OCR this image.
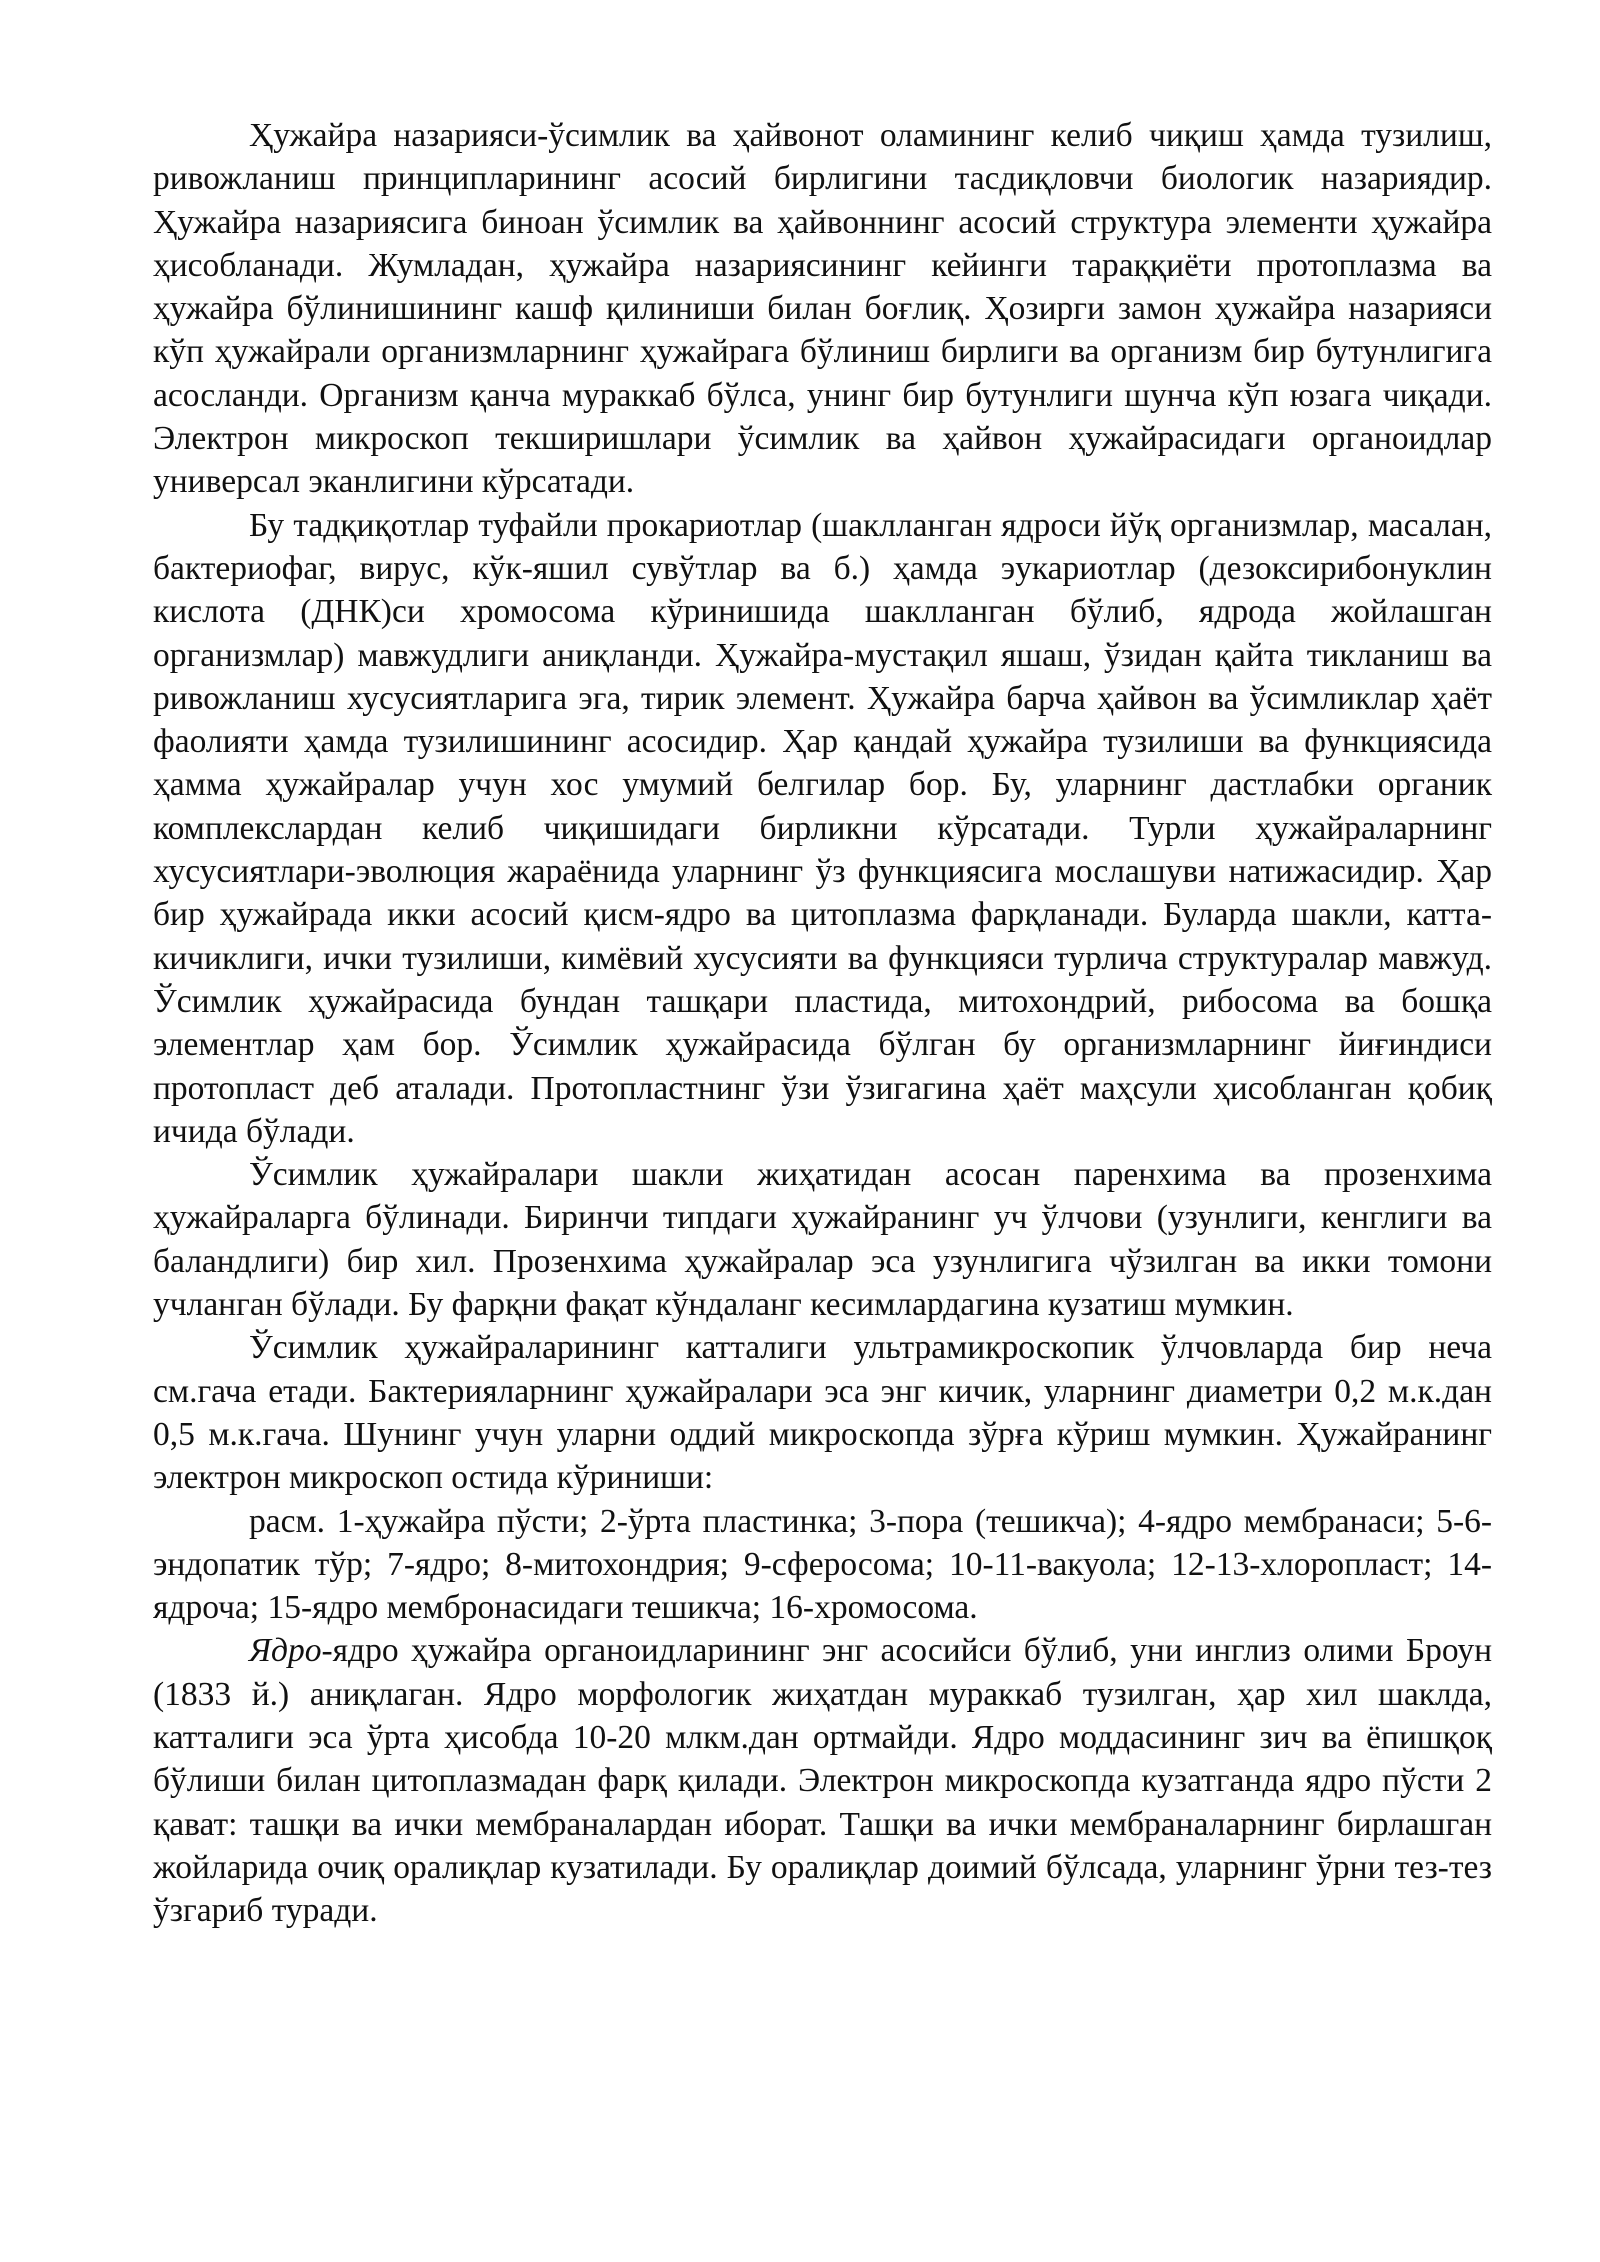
Ҳужайра назарияси-ўсимлик ва ҳайвонот оламининг келиб чиқиш ҳамда тузилиш, ривожланиш принципларининг асосий бирлигини тасдиқловчи биологик назариядир. Ҳужайра назариясига биноан ўсимлик ва ҳайвоннинг асосий структура элементи ҳужайра ҳисобланади. Жумладан, ҳужайра назариясининг кейинги тараққиёти протоплазма ва ҳужайра бўлинишининг кашф қилиниши билан боғлиқ. Ҳозирги замон ҳужайра назарияси кўп ҳужайрали организмларнинг ҳужайрага бўлиниш бирлиги ва организм бир бутунлигига асосланди. Организм қанча мураккаб бўлса, унинг бир бутунлиги шунча кўп юзага чиқади. Электрон микроскоп текширишлари ўсимлик ва ҳайвон ҳужайрасидаги органоидлар универсал эканлигини кўрсатади.

Бу тадқиқотлар туфайли прокариотлар (шаклланган ядроси йўқ организмлар, масалан, бактериофаг, вирус, кўк-яшил сувўтлар ва б.) ҳамда эукариотлар (дезоксирибонуклин кислота (ДНК)си хромосома кўринишида шаклланган бўлиб, ядрода жойлашган организмлар) мавжудлиги аниқланди. Ҳужайра-мустақил яшаш, ўзидан қайта тикланиш ва ривожланиш хусусиятларига эга, тирик элемент. Ҳужайра барча ҳайвон ва ўсимликлар ҳаёт фаолияти ҳамда тузилишининг асосидир. Ҳар қандай ҳужайра тузилиши ва функциясида ҳамма ҳужайралар учун хос умумий белгилар бор. Бу, уларнинг дастлабки органик комплекслардан келиб чиқишидаги бирликни кўрсатади. Турли ҳужайраларнинг хусусиятлари-эволюция жараёнида уларнинг ўз функциясига мослашуви натижасидир. Ҳар бир ҳужайрада икки асосий қисм-ядро ва цитоплазма фарқланади. Буларда шакли, катта-кичиклиги, ички тузилиши, кимёвий хусусияти ва функцияси турлича структуралар мавжуд. Ўсимлик ҳужайрасида бундан ташқари пластида, митохондрий, рибосома ва бошқа элементлар ҳам бор. Ўсимлик ҳужайрасида бўлган бу организмларнинг йиғиндиси протопласт деб аталади. Протопластнинг ўзи ўзигагина ҳаёт маҳсули ҳисобланган қобиқ ичида бўлади.

Ўсимлик ҳужайралари шакли жиҳатидан асосан паренхима ва прозенхима ҳужайраларга бўлинади. Биринчи типдаги ҳужайранинг уч ўлчови (узунлиги, кенглиги ва баландлиги) бир хил. Прозенхима ҳужайралар эса узунлигига чўзилган ва икки томони учланган бўлади. Бу фарқни фақат кўндаланг кесимлардагина кузатиш мумкин.

Ўсимлик ҳужайраларининг катталиги ультрамикроскопик ўлчовларда бир неча см.гача етади. Бактерияларнинг ҳужайралари эса энг кичик, уларнинг диаметри 0,2 м.к.дан 0,5 м.к.гача. Шунинг учун уларни оддий микроскопда зўрға кўриш мумкин. Ҳужайранинг электрон микроскоп остида кўриниши:

расм. 1-ҳужайра пўсти; 2-ўрта пластинка; 3-пора (тешикча); 4-ядро мембранаси; 5-6-эндопатик тўр; 7-ядро; 8-митохондрия; 9-сферосома; 10-11-вакуола; 12-13-хлоропласт; 14-ядроча; 15-ядро мембронасидаги тешикча; 16-хромосома.

Ядро-ядро ҳужайра органоидларининг энг асосийси бўлиб, уни инглиз олими Броун (1833 й.) аниқлаган. Ядро морфологик жиҳатдан мураккаб тузилган, ҳар хил шаклда, катталиги эса ўрта ҳисобда 10-20 млкм.дан ортмайди. Ядро моддасининг зич ва ёпишқоқ бўлиши билан цитоплазмадан фарқ қилади. Электрон микроскопда кузатганда ядро пўсти 2 қават: ташқи ва ички мембраналардан иборат. Ташқи ва ички мембраналарнинг бирлашган жойларида очиқ оралиқлар кузатилади. Бу оралиқлар доимий бўлсада, уларнинг ўрни тез-тез ўзгариб туради.
